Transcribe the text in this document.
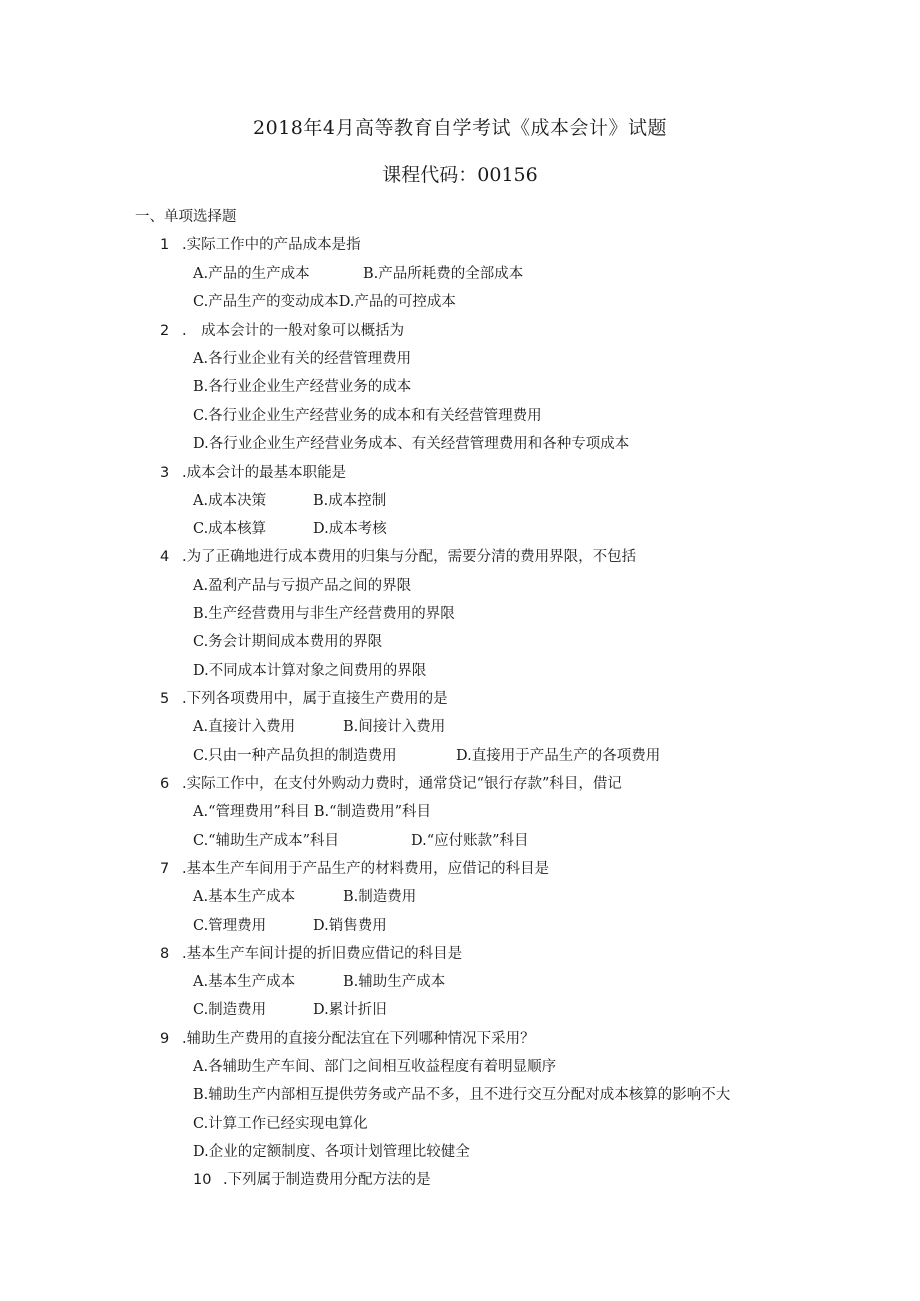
2018年4月高等教育自学考试《成本会计》试题
课程代码：00156
一、单项选择题
1 .实际工作中的产品成本是指
A.产品的生产成本	B.产品所耗费的全部成本
C.产品生产的变动成本D.产品的可控成本
2 .　成本会计的一般对象可以概括为
A.各行业企业有关的经营管理费用
B.各行业企业生产经营业务的成本
C.各行业企业生产经营业务的成本和有关经营管理费用
D.各行业企业生产经营业务成本、有关经营管理费用和各种专项成本
3 .成本会计的最基本职能是
A.成本决策	B.成本控制
C.成本核算	D.成本考核
4 .为了正确地进行成本费用的归集与分配，需要分清的费用界限，不包括
A.盈利产品与亏损产品之间的界限
B.生产经营费用与非生产经营费用的界限
C.务会计期间成本费用的界限
D.不同成本计算对象之间费用的界限
5 .下列各项费用中，属于直接生产费用的是
A.直接计入费用	B.间接计入费用
C.只由一种产品负担的制造费用	D.直接用于产品生产的各项费用
6 .实际工作中，在支付外购动力费时，通常贷记“银行存款”科目，借记
A.“管理费用”科目 B.“制造费用”科目
C.“辅助生产成本”科目	D.“应付账款”科目
7 .基本生产车间用于产品生产的材料费用，应借记的科目是
A.基本生产成本	B.制造费用
C.管理费用	D.销售费用
8 .基本生产车间计提的折旧费应借记的科目是
A.基本生产成本	B.辅助生产成本
C.制造费用	D.累计折旧
9 .辅助生产费用的直接分配法宜在下列哪种情况下采用？
A.各辅助生产车间、部门之间相互收益程度有着明显顺序
B.辅助生产内部相互提供劳务或产品不多，且不进行交互分配对成本核算的影响不大
C.计算工作已经实现电算化
D.企业的定额制度、各项计划管理比较健全
10 .下列属于制造费用分配方法的是
